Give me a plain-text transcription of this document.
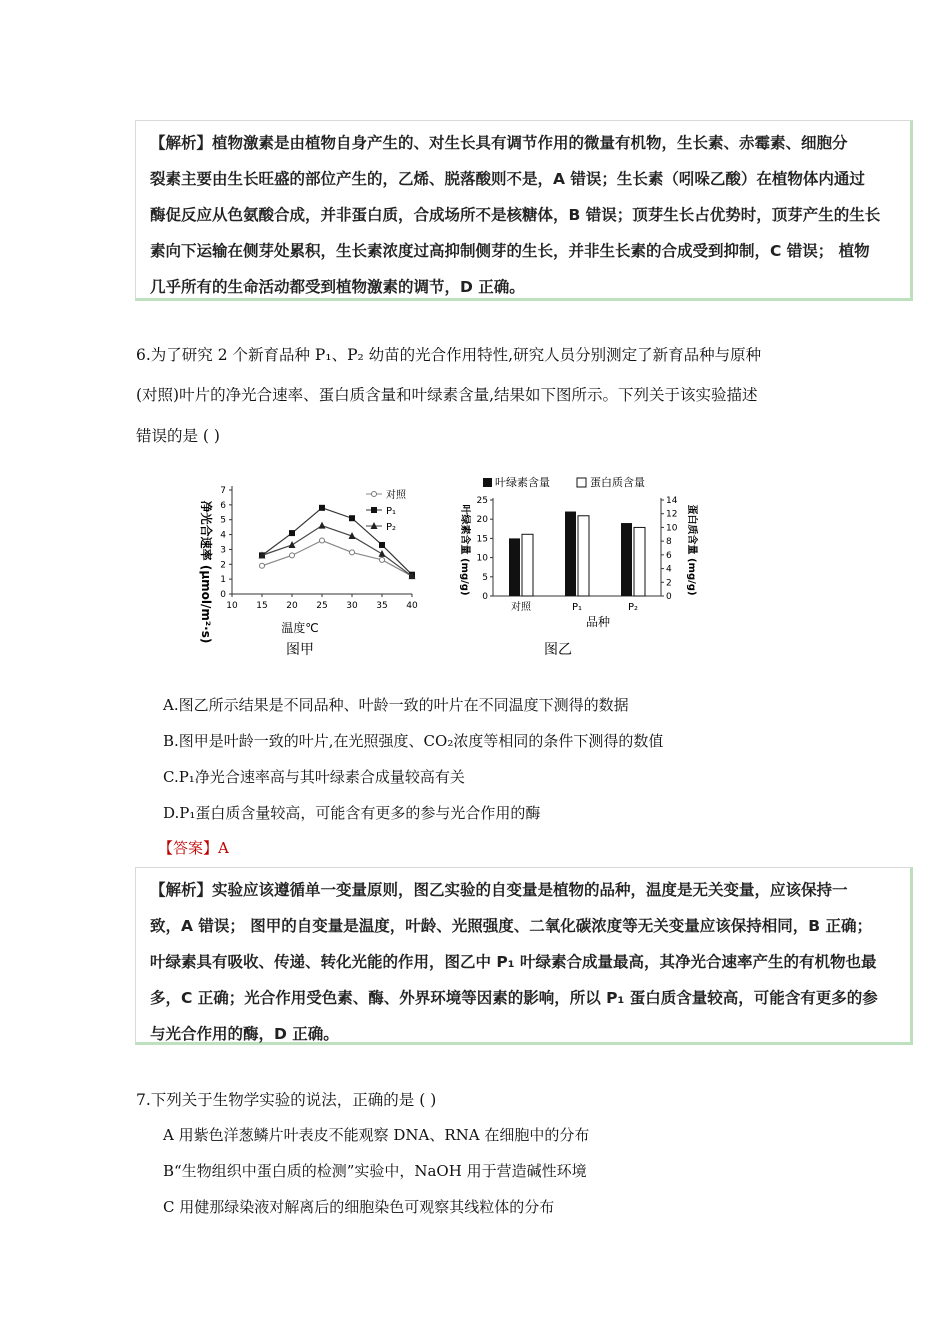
【解析】植物激素是由植物自身产生的、对生长具有调节作用的微量有机物，生长素、赤霉素、细胞分

裂素主要由生长旺盛的部位产生的，乙烯、脱落酸则不是，A 错误；生长素（吲哚乙酸）在植物体内通过

酶促反应从色氨酸合成，并非蛋白质，合成场所不是核糖体，B 错误；顶芽生长占优势时，顶芽产生的生长

素向下运输在侧芽处累积，生长素浓度过高抑制侧芽的生长，并非生长素的合成受到抑制，C 错误； 植物

几乎所有的生命活动都受到植物激素的调节，D 正确。

6.为了研究 2 个新育品种 P₁、P₂ 幼苗的光合作用特性,研究人员分别测定了新育品种与原种
(对照)叶片的净光合速率、蛋白质含量和叶绿素含量,结果如下图所示。下列关于该实验描述
错误的是 ( )
净光合速率 (μmol/m²·s)	温度℃
图甲
10 15 20 25 30 35 40
0
1
2
3
4
5
6
7	对照
P₁
P₂
品种
图乙
0
5
10
15
20
25
0
2
4
6
8
10
12
14
叶绿素含量	蛋白质含量
叶绿素含量 (mg/g)	蛋白质含量 (mg/g)
对照	P₁	P₂
A.图乙所示结果是不同品种、叶龄一致的叶片在不同温度下测得的数据
B.图甲是叶龄一致的叶片,在光照强度、CO₂浓度等相同的条件下测得的数值
C.P₁净光合速率高与其叶绿素合成量较高有关
D.P₁蛋白质含量较高，可能含有更多的参与光合作用的酶
【答案】A

【解析】实验应该遵循单一变量原则，图乙实验的自变量是植物的品种，温度是无关变量，应该保持一

致，A 错误； 图甲的自变量是温度，叶龄、光照强度、二氧化碳浓度等无关变量应该保持相同，B 正确；

叶绿素具有吸收、传递、转化光能的作用，图乙中 P₁ 叶绿素合成量最高，其净光合速率产生的有机物也最

多，C 正确；光合作用受色素、酶、外界环境等因素的影响，所以 P₁ 蛋白质含量较高，可能含有更多的参

与光合作用的酶，D 正确。

7.下列关于生物学实验的说法，正确的是 ( )
A 用紫色洋葱鳞片叶表皮不能观察 DNA、RNA 在细胞中的分布
B“生物组织中蛋白质的检测”实验中，NaOH 用于营造碱性环境
C 用健那绿染液对解离后的细胞染色可观察其线粒体的分布
